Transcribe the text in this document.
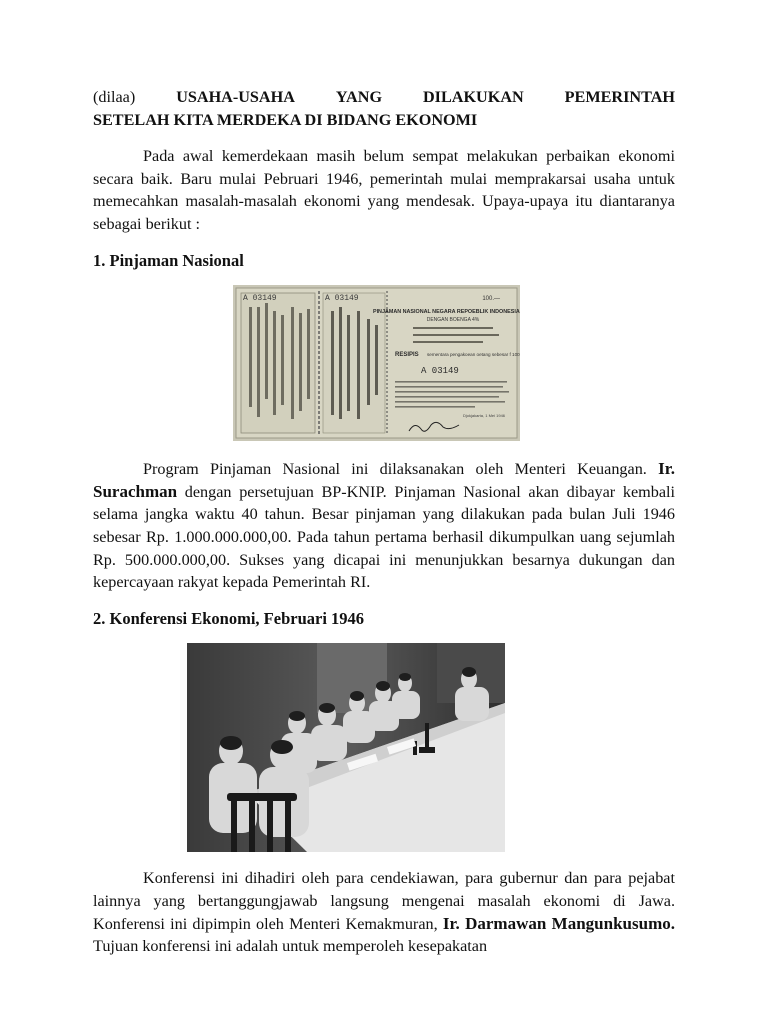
(dilaa)	USAHA-USAHA	YANG	DILAKUKAN	PEMERINTAH
SETELAH KITA MERDEKA DI BIDANG EKONOMI

Pada awal kemerdekaan masih belum sempat melakukan perbaikan ekonomi secara baik. Baru mulai Pebruari 1946, pemerintah mulai memprakarsai usaha untuk memecahkan masalah-masalah ekonomi yang mendesak. Upaya-upaya itu diantaranya sebagai berikut :

1. Pinjaman Nasional
A 03149	A 03149	100.—
PINJAMAN NASIONAL NEGARA REPOEBLIK INDONESIA 1946
DENGAN BOENGA 4%
RESIPIS sementara pengakoean oetang sebesar f 100.—
A 03149
Djokjakarta, 1 Mei 1946

Program Pinjaman Nasional ini dilaksanakan oleh Menteri Keuangan. Ir. Surachman dengan persetujuan BP-KNIP. Pinjaman Nasional akan dibayar kembali selama jangka waktu 40 tahun. Besar pinjaman yang dilakukan pada bulan Juli 1946 sebesar Rp. 1.000.000.000,00. Pada tahun pertama berhasil dikumpulkan uang sejumlah Rp. 500.000.000,00. Sukses yang dicapai ini menunjukkan besarnya dukungan dan kepercayaan rakyat kepada Pemerintah RI.

2. Konferensi Ekonomi, Februari 1946

Konferensi ini dihadiri oleh para cendekiawan, para gubernur dan para pejabat lainnya yang bertanggungjawab langsung mengenai masalah ekonomi di Jawa. Konferensi ini dipimpin oleh Menteri Kemakmuran, Ir. Darmawan Mangunkusumo. Tujuan konferensi ini adalah untuk memperoleh kesepakatan
